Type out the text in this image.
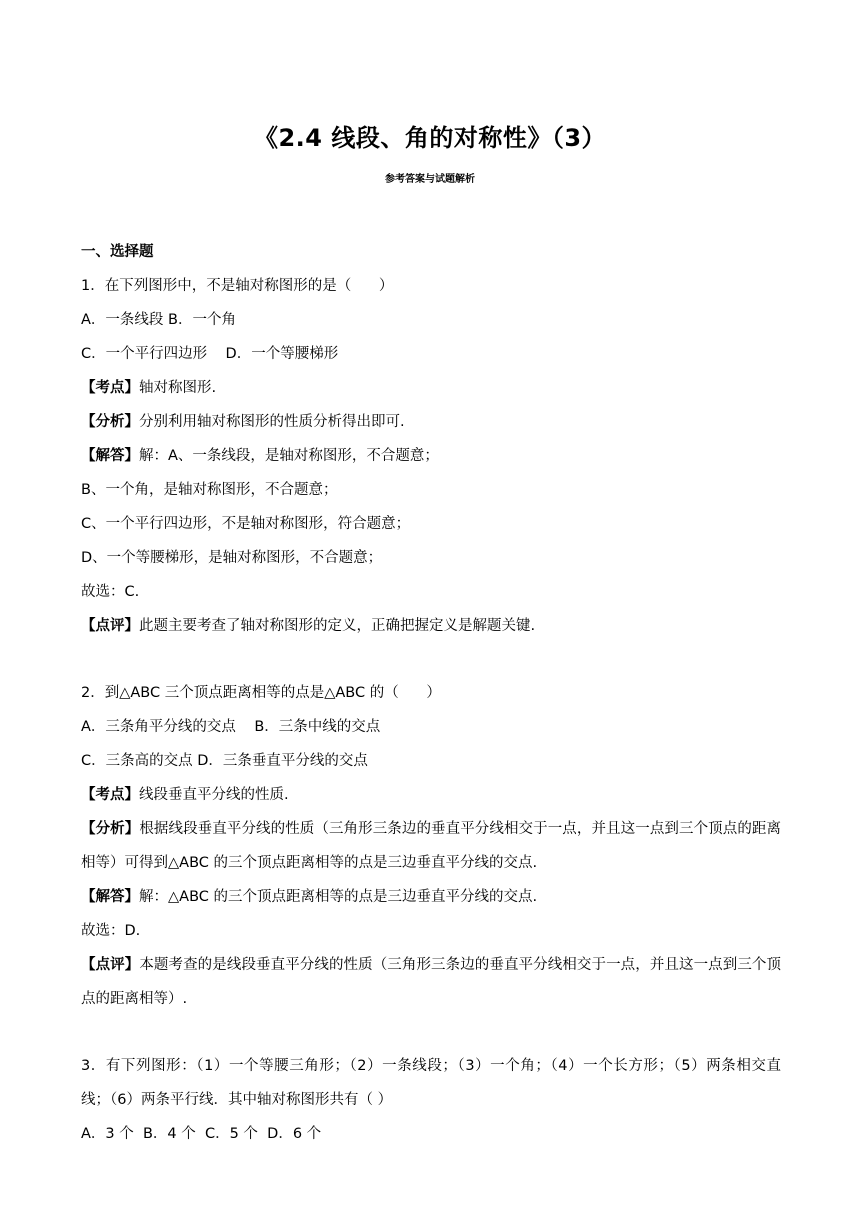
《2.4 线段、角的对称性》（3）
参考答案与试题解析
一、选择题
1．在下列图形中，不是轴对称图形的是（      ）
A．一条线段 B．一个角
C．一个平行四边形    D．一个等腰梯形
【考点】轴对称图形.
【分析】分别利用轴对称图形的性质分析得出即可.
【解答】解：A、一条线段，是轴对称图形，不合题意；
B、一个角，是轴对称图形，不合题意；
C、一个平行四边形，不是轴对称图形，符合题意；
D、一个等腰梯形，是轴对称图形，不合题意；
故选：C.
【点评】此题主要考查了轴对称图形的定义，正确把握定义是解题关键.
2．到△ABC 三个顶点距离相等的点是△ABC 的（      ）
A．三条角平分线的交点    B．三条中线的交点
C．三条高的交点 D．三条垂直平分线的交点
【考点】线段垂直平分线的性质.
【分析】根据线段垂直平分线的性质（三角形三条边的垂直平分线相交于一点，并且这一点到三个顶点的距离相等）可得到△ABC 的三个顶点距离相等的点是三边垂直平分线的交点.
【解答】解：△ABC 的三个顶点距离相等的点是三边垂直平分线的交点.
故选：D.
【点评】本题考查的是线段垂直平分线的性质（三角形三条边的垂直平分线相交于一点，并且这一点到三个顶点的距离相等）.
3．有下列图形：（1）一个等腰三角形；（2）一条线段；（3）一个角；（4）一个长方形；（5）两条相交直线；（6）两条平行线．其中轴对称图形共有（ ）
A．3 个  B．4 个  C．5 个  D．6 个
